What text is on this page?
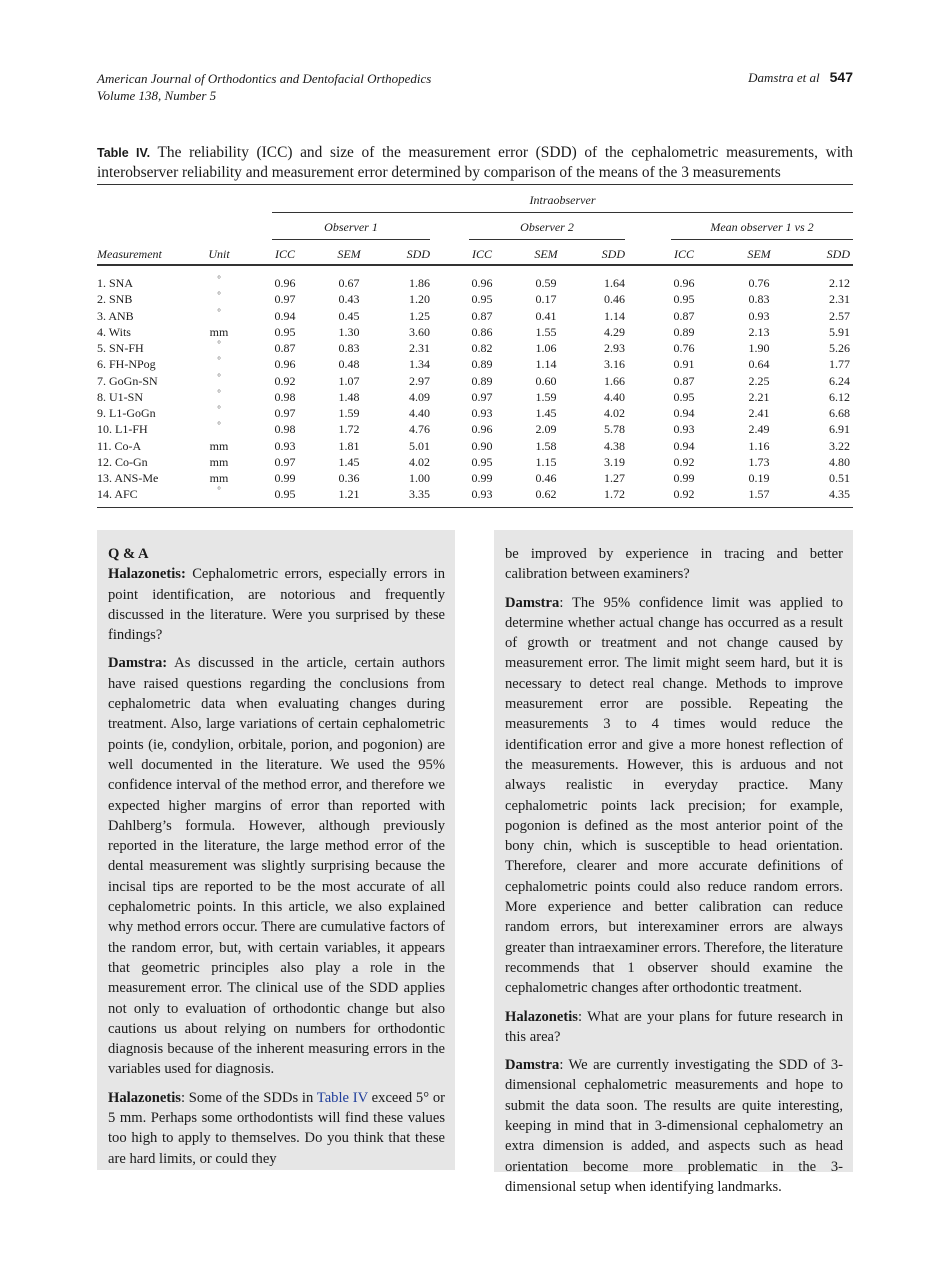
American Journal of Orthodontics and Dentofacial Orthopedics
Volume 138, Number 5
Damstra et al 547
Table IV. The reliability (ICC) and size of the measurement error (SDD) of the cephalometric measurements, with interobserver reliability and measurement error determined by comparison of the means of the 3 measurements
Intraobserver
Observer 1	Observer 2	Mean observer 1 vs 2
Measurement	Unit	ICC	SEM	SDD	ICC	SEM	SDD	ICC	SEM	SDD
1. SNA	°	0.96	0.67	1.86	0.96	0.59	1.64	0.96	0.76	2.12
2. SNB	°	0.97	0.43	1.20	0.95	0.17	0.46	0.95	0.83	2.31
3. ANB	°	0.94	0.45	1.25	0.87	0.41	1.14	0.87	0.93	2.57
4. Wits	mm	0.95	1.30	3.60	0.86	1.55	4.29	0.89	2.13	5.91
5. SN-FH	°	0.87	0.83	2.31	0.82	1.06	2.93	0.76	1.90	5.26
6. FH-NPog	°	0.96	0.48	1.34	0.89	1.14	3.16	0.91	0.64	1.77
7. GoGn-SN	°	0.92	1.07	2.97	0.89	0.60	1.66	0.87	2.25	6.24
8. U1-SN	°	0.98	1.48	4.09	0.97	1.59	4.40	0.95	2.21	6.12
9. L1-GoGn	°	0.97	1.59	4.40	0.93	1.45	4.02	0.94	2.41	6.68
10. L1-FH	°	0.98	1.72	4.76	0.96	2.09	5.78	0.93	2.49	6.91
11. Co-A	mm	0.93	1.81	5.01	0.90	1.58	4.38	0.94	1.16	3.22
12. Co-Gn	mm	0.97	1.45	4.02	0.95	1.15	3.19	0.92	1.73	4.80
13. ANS-Me	mm	0.99	0.36	1.00	0.99	0.46	1.27	0.99	0.19	0.51
14. AFC	°	0.95	1.21	3.35	0.93	0.62	1.72	0.92	1.57	4.35
Q & A

Halazonetis: Cephalometric errors, especially errors in point identification, are notorious and frequently discussed in the literature. Were you surprised by these findings?

Damstra: As discussed in the article, certain authors have raised questions regarding the conclusions from cephalometric data when evaluating changes during treatment. Also, large variations of certain cephalometric points (ie, condylion, orbitale, porion, and pogonion) are well documented in the literature. We used the 95% confidence interval of the method error, and therefore we expected higher margins of error than reported with Dahlberg’s formula. However, although previously reported in the literature, the large method error of the dental measurement was slightly surprising because the incisal tips are reported to be the most accurate of all cephalometric points. In this article, we also explained why method errors occur. There are cumulative factors of the random error, but, with certain variables, it appears that geometric principles also play a role in the measurement error. The clinical use of the SDD applies not only to evaluation of orthodontic change but also cautions us about relying on numbers for orthodontic diagnosis because of the inherent measuring errors in the variables used for diagnosis.

Halazonetis: Some of the SDDs in Table IV exceed 5° or 5 mm. Perhaps some orthodontists will find these values too high to apply to themselves. Do you think that these are hard limits, or could they

be improved by experience in tracing and better calibration between examiners?

Damstra: The 95% confidence limit was applied to determine whether actual change has occurred as a result of growth or treatment and not change caused by measurement error. The limit might seem hard, but it is necessary to detect real change. Methods to improve measurement error are possible. Repeating the measurements 3 to 4 times would reduce the identification error and give a more honest reflection of the measurements. However, this is arduous and not always realistic in everyday practice. Many cephalometric points lack precision; for example, pogonion is defined as the most anterior point of the bony chin, which is susceptible to head orientation. Therefore, clearer and more accurate definitions of cephalometric points could also reduce random errors. More experience and better calibration can reduce random errors, but interexaminer errors are always greater than intraexaminer errors. Therefore, the literature recommends that 1 observer should examine the cephalometric changes after orthodontic treatment.

Halazonetis: What are your plans for future research in this area?

Damstra: We are currently investigating the SDD of 3-dimensional cephalometric measurements and hope to submit the data soon. The results are quite interesting, keeping in mind that in 3-dimensional cephalometry an extra dimension is added, and aspects such as head orientation become more problematic in the 3-dimensional setup when identifying landmarks.
